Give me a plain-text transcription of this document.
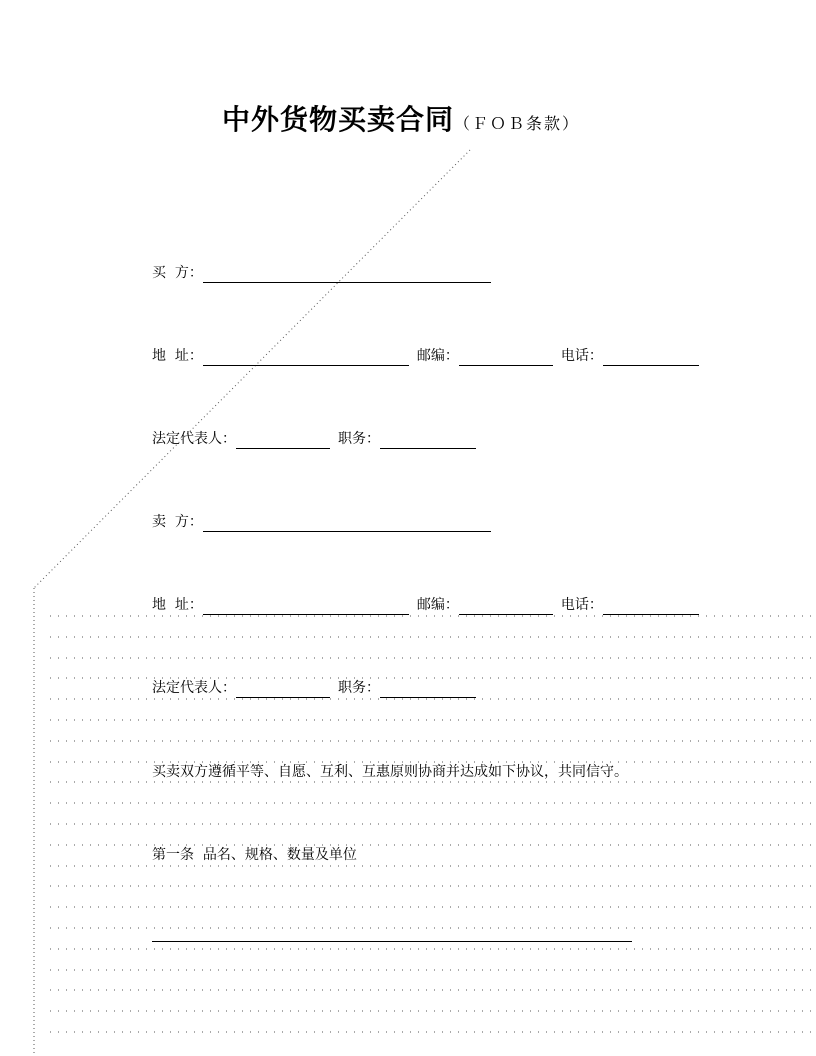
中外货物买卖合同（ＦＯＢ条款）
买  方：
地  址：	邮编：	电话：
法定代表人：	职务：
卖  方：
地  址：	邮编：	电话：
法定代表人：	职务：
买卖双方遵循平等、自愿、互利、互惠原则协商并达成如下协议，共同信守。
第一条  品名、规格、数量及单位
